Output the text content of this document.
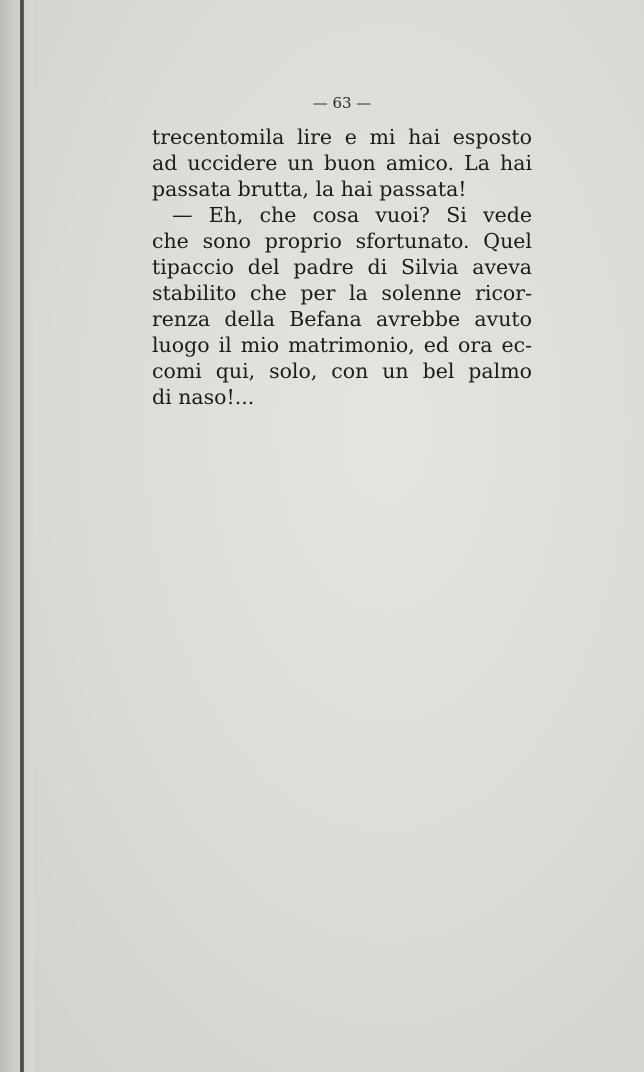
— 63 —
trecentomila lire e mi hai esposto
ad uccidere un buon amico. La hai
passata brutta, la hai passata!
— Eh, che cosa vuoi? Si vede
che sono proprio sfortunato. Quel
tipaccio del padre di Silvia aveva
stabilito che per la solenne ricor-
renza della Befana avrebbe avuto
luogo il mio matrimonio, ed ora ec-
comi qui, solo, con un bel palmo
di naso!...
